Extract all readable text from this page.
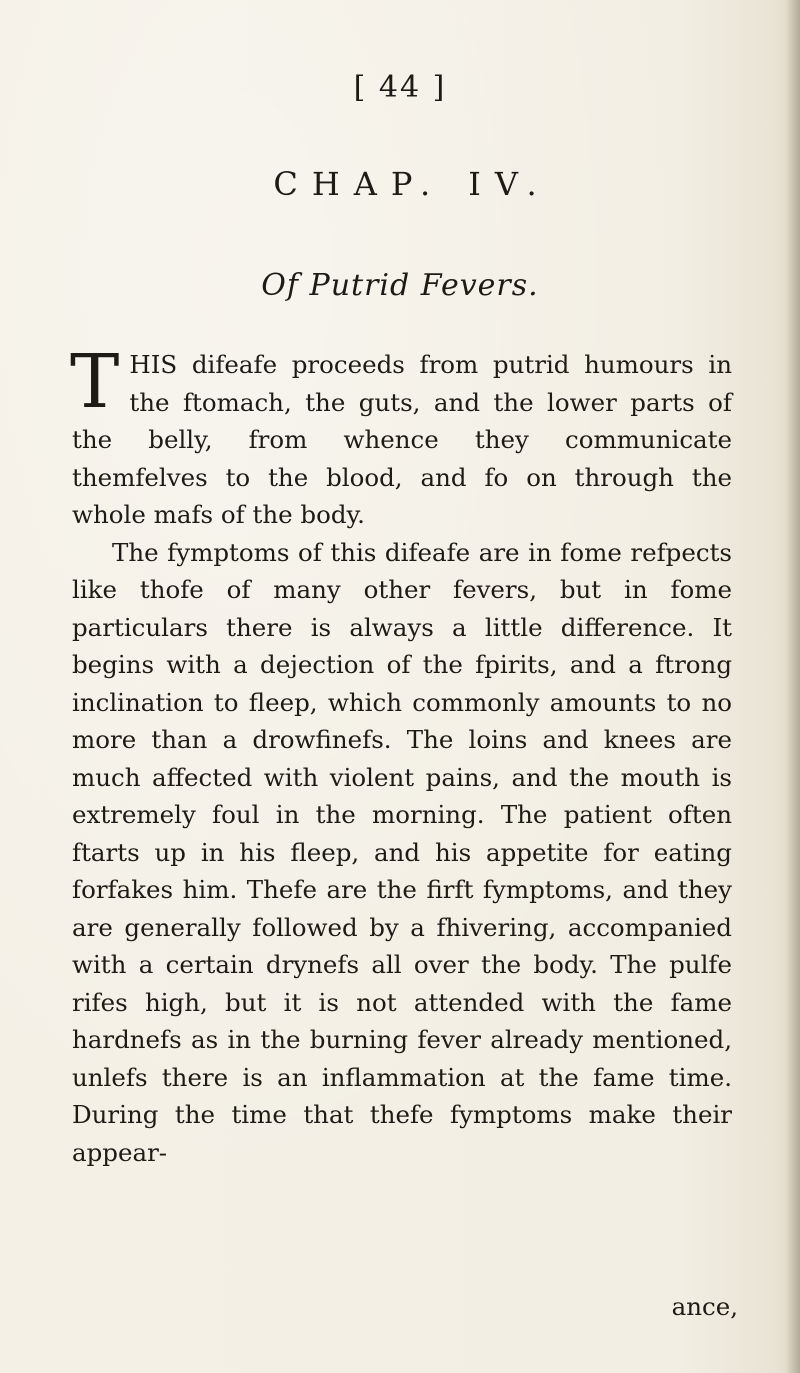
[ 44 ]
CHAP. IV.
Of Putrid Fevers.

T HIS difeafe proceeds from putrid humours in the ftomach, the guts, and the lower parts of the belly, from whence they communicate themfelves to the blood, and fo on through the whole mafs of the body.

The fymptoms of this difeafe are in fome refpects like thofe of many other fevers, but in fome particulars there is always a little difference. It begins with a dejection of the fpirits, and a ftrong inclination to fleep, which commonly amounts to no more than a drowfinefs. The loins and knees are much affected with violent pains, and the mouth is extremely foul in the morning. The patient often ftarts up in his fleep, and his appetite for eating forfakes him. Thefe are the firft fymptoms, and they are generally followed by a fhivering, accompanied with a certain drynefs all over the body. The pulfe rifes high, but it is not attended with the fame hardnefs as in the burning fever already mentioned, unlefs there is an inflammation at the fame time. During the time that thefe fymptoms make their appear-

ance,
